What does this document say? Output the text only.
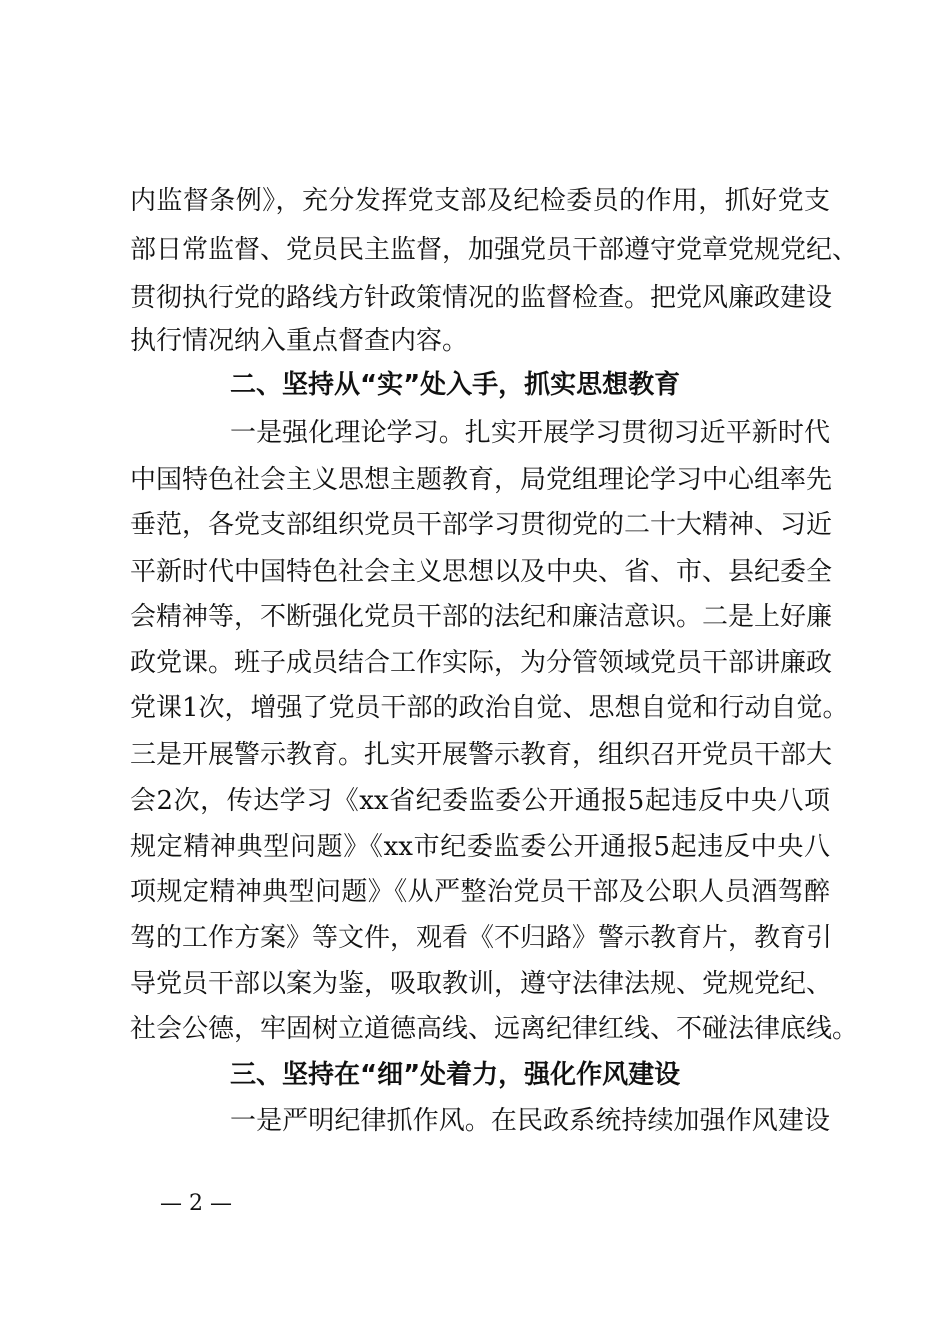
内监督条例》，充分发挥党支部及纪检委员的作用，抓好党支
部日常监督、党员民主监督，加强党员干部遵守党章党规党纪、
贯彻执行党的路线方针政策情况的监督检查。把党风廉政建设
执行情况纳入重点督查内容。
二、坚持从“实”处入手，抓实思想教育
一是强化理论学习。扎实开展学习贯彻习近平新时代
中国特色社会主义思想主题教育，局党组理论学习中心组率先
垂范，各党支部组织党员干部学习贯彻党的二十大精神、习近
平新时代中国特色社会主义思想以及中央、省、市、县纪委全
会精神等，不断强化党员干部的法纪和廉洁意识。二是上好廉
政党课。班子成员结合工作实际，为分管领域党员干部讲廉政
党课1次，增强了党员干部的政治自觉、思想自觉和行动自觉。
三是开展警示教育。扎实开展警示教育，组织召开党员干部大
会2次，传达学习《xx省纪委监委公开通报5起违反中央八项
规定精神典型问题》《xx市纪委监委公开通报5起违反中央八
项规定精神典型问题》《从严整治党员干部及公职人员酒驾醉
驾的工作方案》等文件，观看《不归路》警示教育片，教育引
导党员干部以案为鉴，吸取教训，遵守法律法规、党规党纪、
社会公德，牢固树立道德高线、远离纪律红线、不碰法律底线。
三、坚持在“细”处着力，强化作风建设
一是严明纪律抓作风。在民政系统持续加强作风建设
— 2 —
